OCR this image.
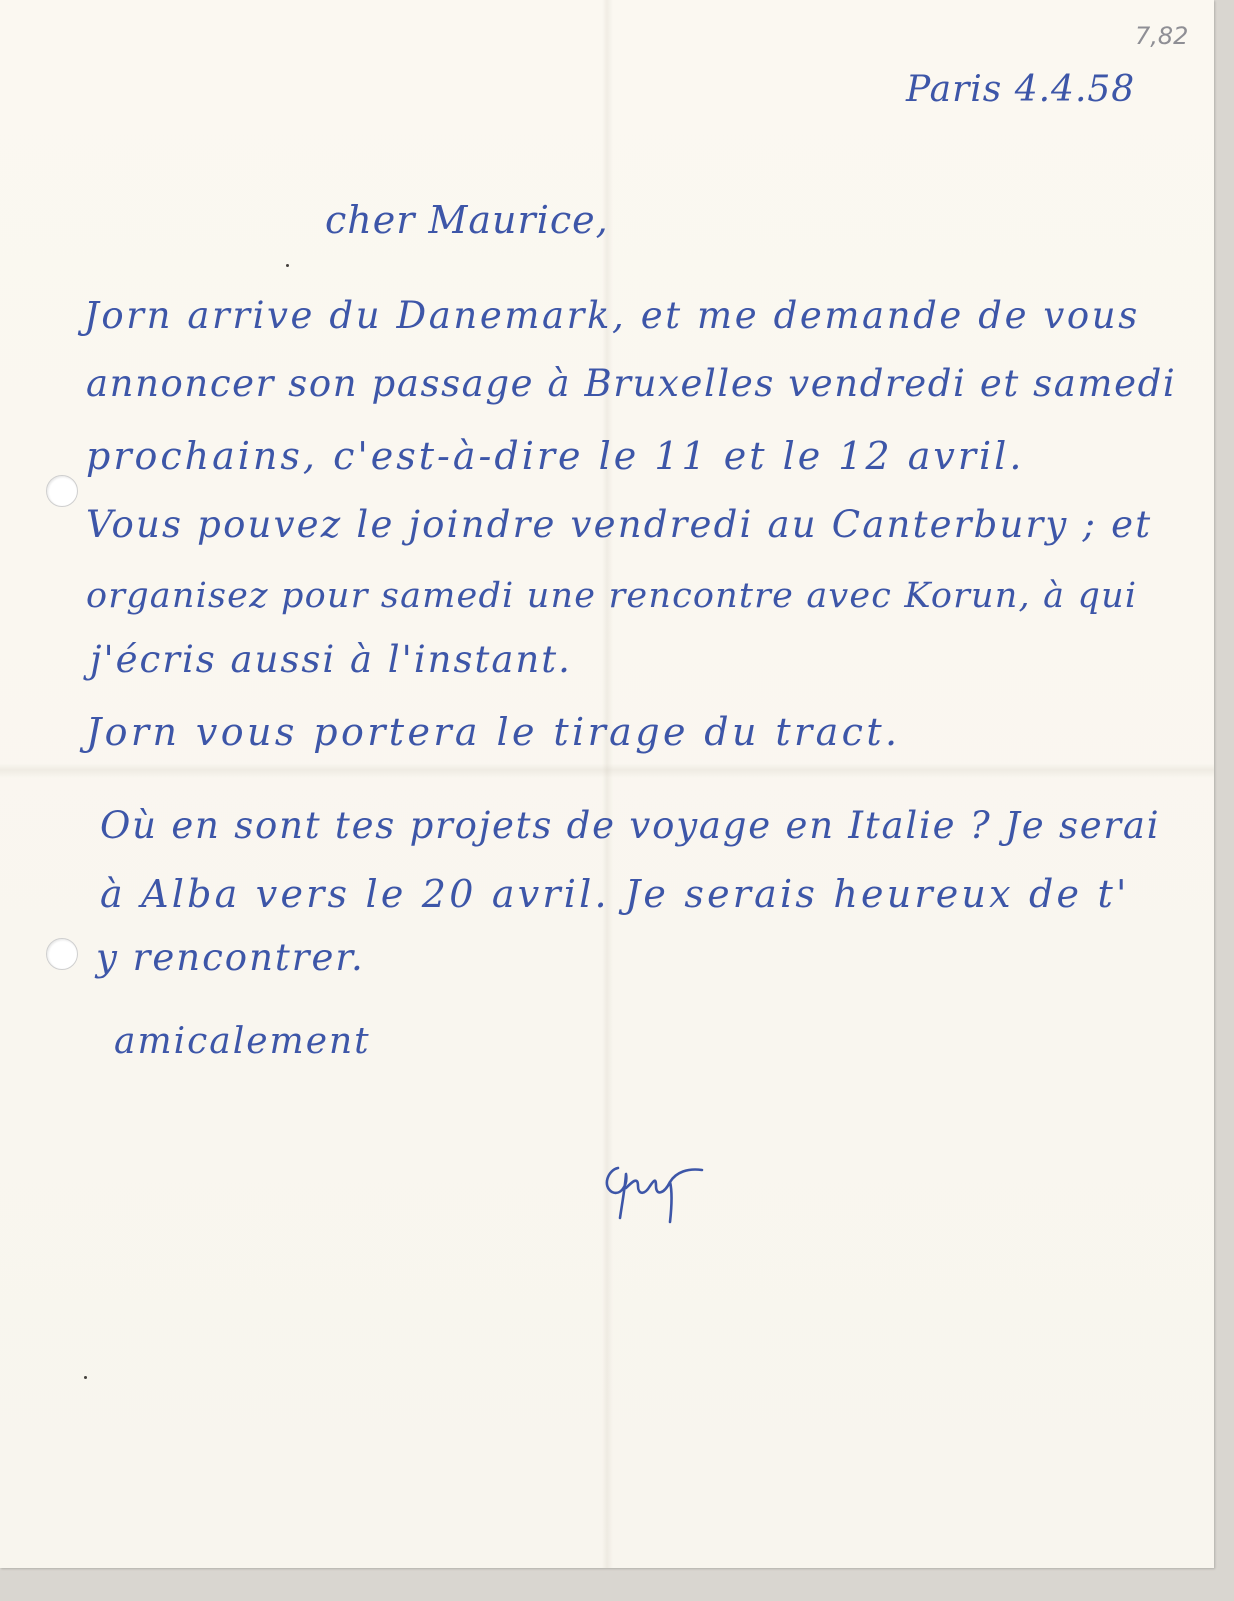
7,82

Paris 4.4.58

cher Maurice,

Jorn arrive du Danemark, et me demande de vous

annoncer son passage à Bruxelles vendredi et samedi

prochains, c'est-à-dire le 11 et le 12 avril.

Vous pouvez le joindre vendredi au Canterbury ; et

organisez pour samedi une rencontre avec Korun, à qui

j'écris aussi à l'instant.

Jorn vous portera le tirage du tract.

Où en sont tes projets de voyage en Italie ? Je serai

à Alba vers le 20 avril. Je serais heureux de t'

y rencontrer.

amicalement
